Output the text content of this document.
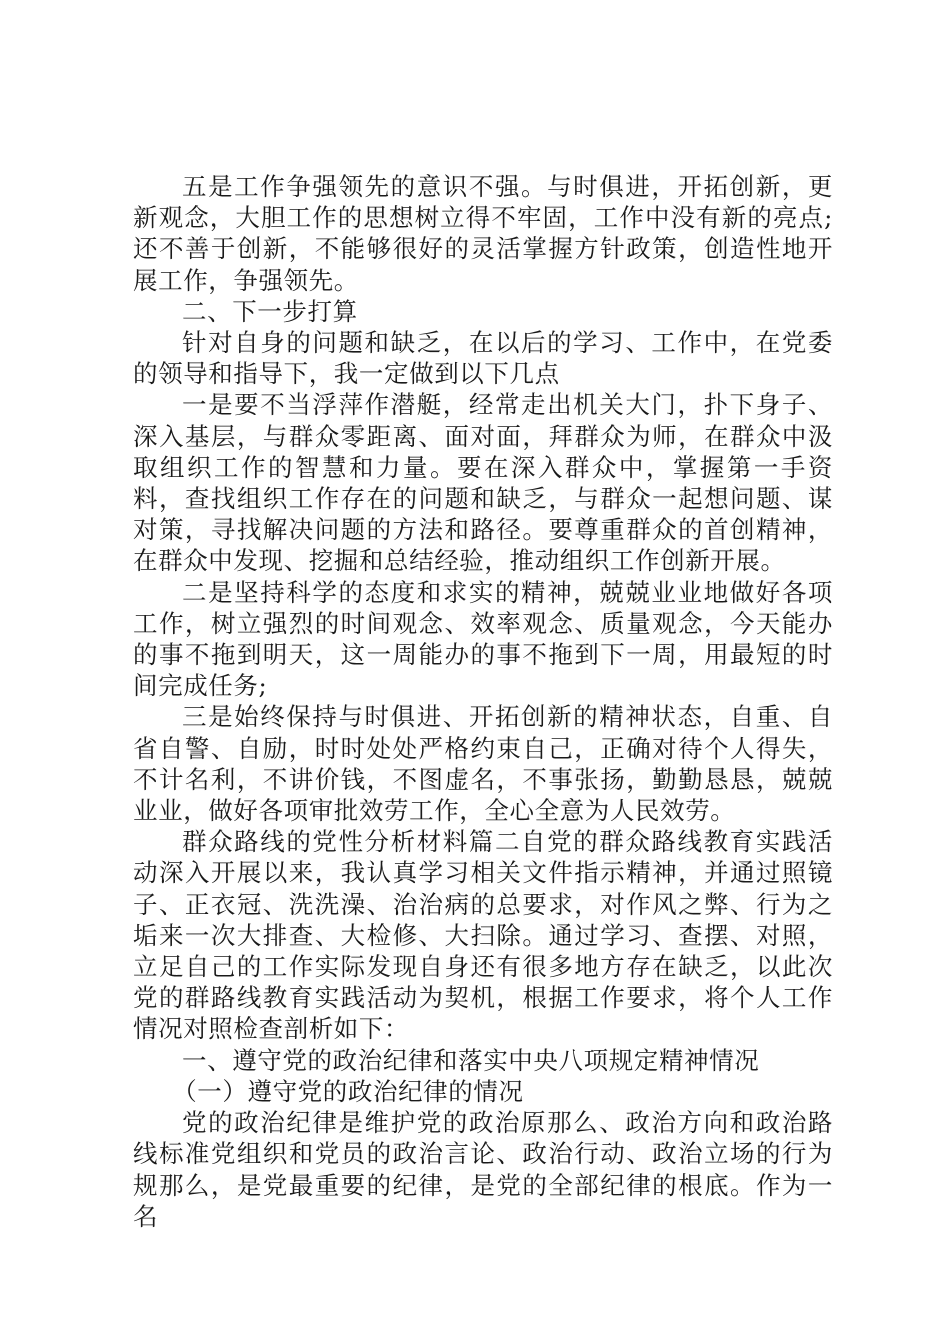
五是工作争强领先的意识不强。与时俱进，开拓创新，更新观念，大胆工作的思想树立得不牢固，工作中没有新的亮点;还不善于创新，不能够很好的灵活掌握方针政策，创造性地开展工作，争强领先。

二、下一步打算

针对自身的问题和缺乏，在以后的学习、工作中，在党委的领导和指导下，我一定做到以下几点

一是要不当浮萍作潜艇，经常走出机关大门，扑下身子、深入基层，与群众零距离、面对面，拜群众为师，在群众中汲取组织工作的智慧和力量。要在深入群众中，掌握第一手资料，查找组织工作存在的问题和缺乏，与群众一起想问题、谋对策，寻找解决问题的方法和路径。要尊重群众的首创精神，在群众中发现、挖掘和总结经验，推动组织工作创新开展。

二是坚持科学的态度和求实的精神，兢兢业业地做好各项工作，树立强烈的时间观念、效率观念、质量观念，今天能办的事不拖到明天，这一周能办的事不拖到下一周，用最短的时间完成任务;

三是始终保持与时俱进、开拓创新的精神状态，自重、自省自警、自励，时时处处严格约束自己，正确对待个人得失，不计名利，不讲价钱，不图虚名，不事张扬，勤勤恳恳，兢兢业业，做好各项审批效劳工作，全心全意为人民效劳。

群众路线的党性分析材料篇二自党的群众路线教育实践活动深入开展以来，我认真学习相关文件指示精神，并通过照镜子、正衣冠、洗洗澡、治治病的总要求，对作风之弊、行为之垢来一次大排查、大检修、大扫除。通过学习、查摆、对照，立足自己的工作实际发现自身还有很多地方存在缺乏，以此次党的群路线教育实践活动为契机，根据工作要求，将个人工作情况对照检查剖析如下：

一、遵守党的政治纪律和落实中央八项规定精神情况

（一）遵守党的政治纪律的情况

党的政治纪律是维护党的政治原那么、政治方向和政治路线标准党组织和党员的政治言论、政治行动、政治立场的行为规那么，是党最重要的纪律，是党的全部纪律的根底。作为一名
